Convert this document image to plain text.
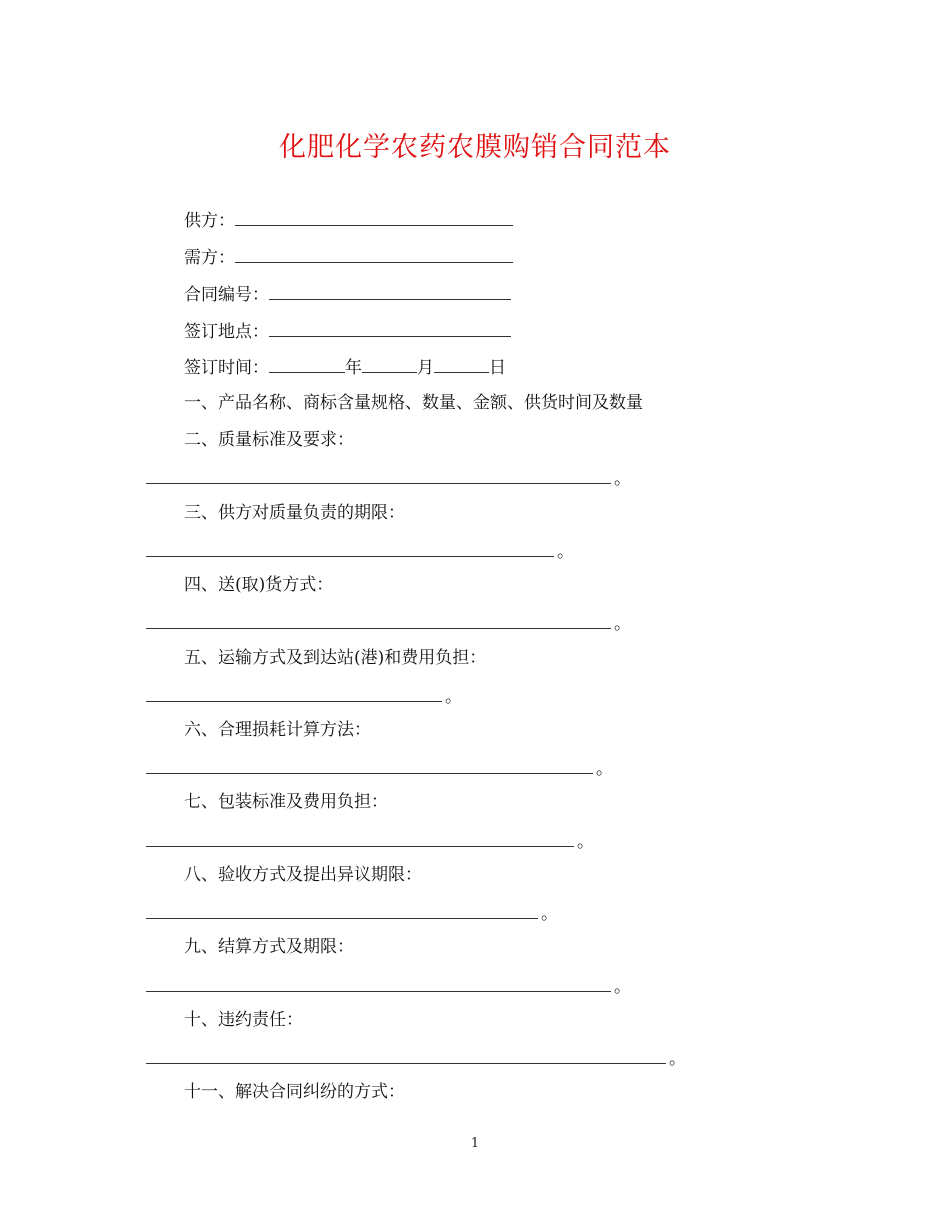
化肥化学农药农膜购销合同范本
供方：
需方：
合同编号：
签订地点：
签订时间：	年	月	日
一、产品名称、商标含量规格、数量、金额、供货时间及数量
二、质量标准及要求：
。
三、供方对质量负责的期限：
。
四、送(取)货方式：
。
五、运输方式及到达站(港)和费用负担：
。
六、合理损耗计算方法：
。
七、包装标准及费用负担：
。
八、验收方式及提出异议期限：
。
九、结算方式及期限：
。
十、违约责任：
。
十一、解决合同纠纷的方式：
1
